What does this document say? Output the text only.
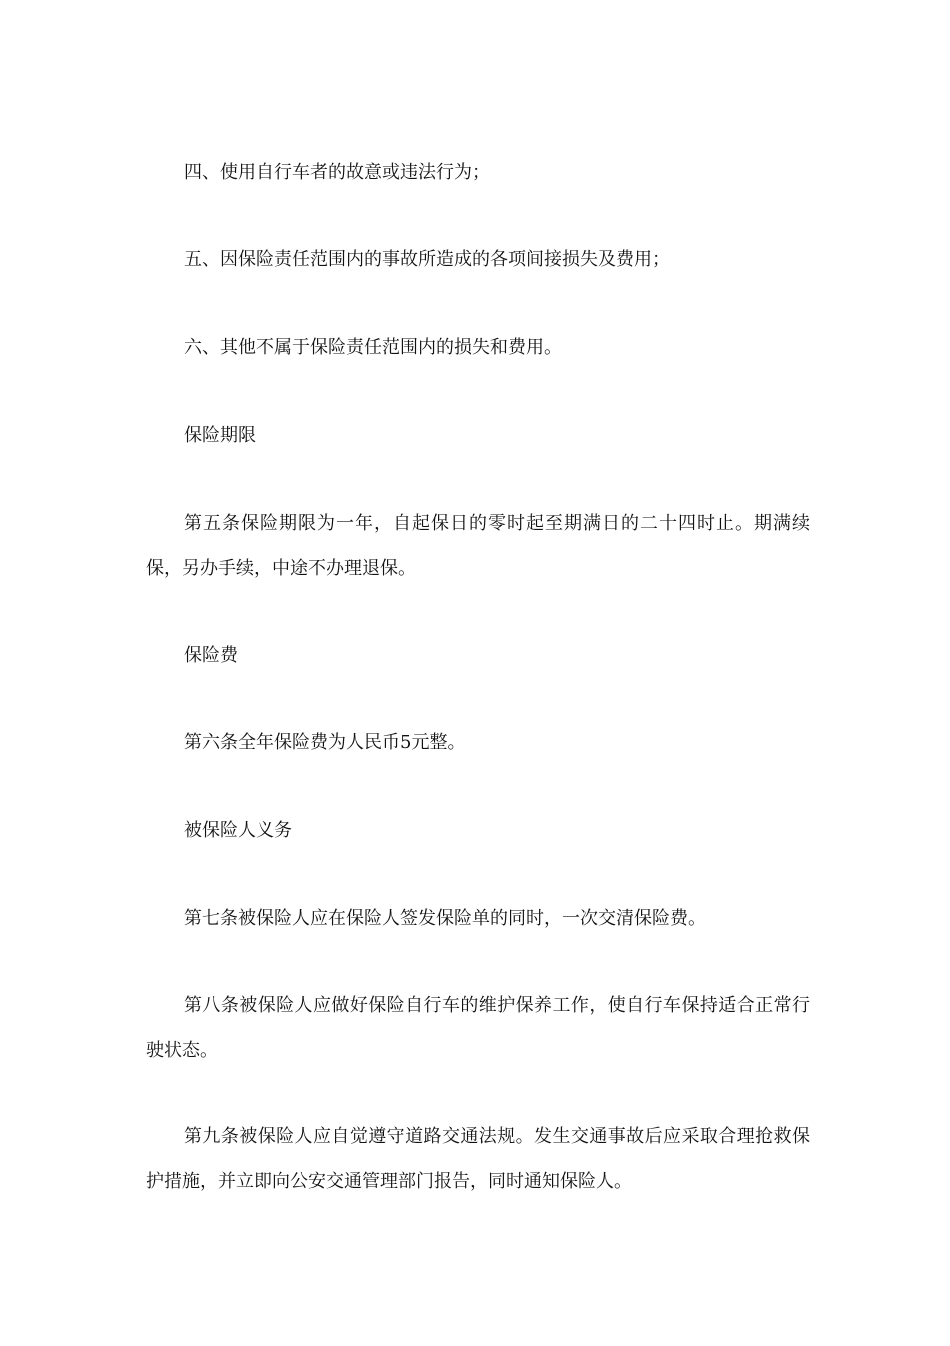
四、使用自行车者的故意或违法行为；

五、因保险责任范围内的事故所造成的各项间接损失及费用；

六、其他不属于保险责任范围内的损失和费用。

保险期限

第五条保险期限为一年，自起保日的零时起至期满日的二十四时止。期满续保，另办手续，中途不办理退保。

保险费

第六条全年保险费为人民币5元整。

被保险人义务

第七条被保险人应在保险人签发保险单的同时，一次交清保险费。

第八条被保险人应做好保险自行车的维护保养工作，使自行车保持适合正常行驶状态。

第九条被保险人应自觉遵守道路交通法规。发生交通事故后应采取合理抢救保护措施，并立即向公安交通管理部门报告，同时通知保险人。
